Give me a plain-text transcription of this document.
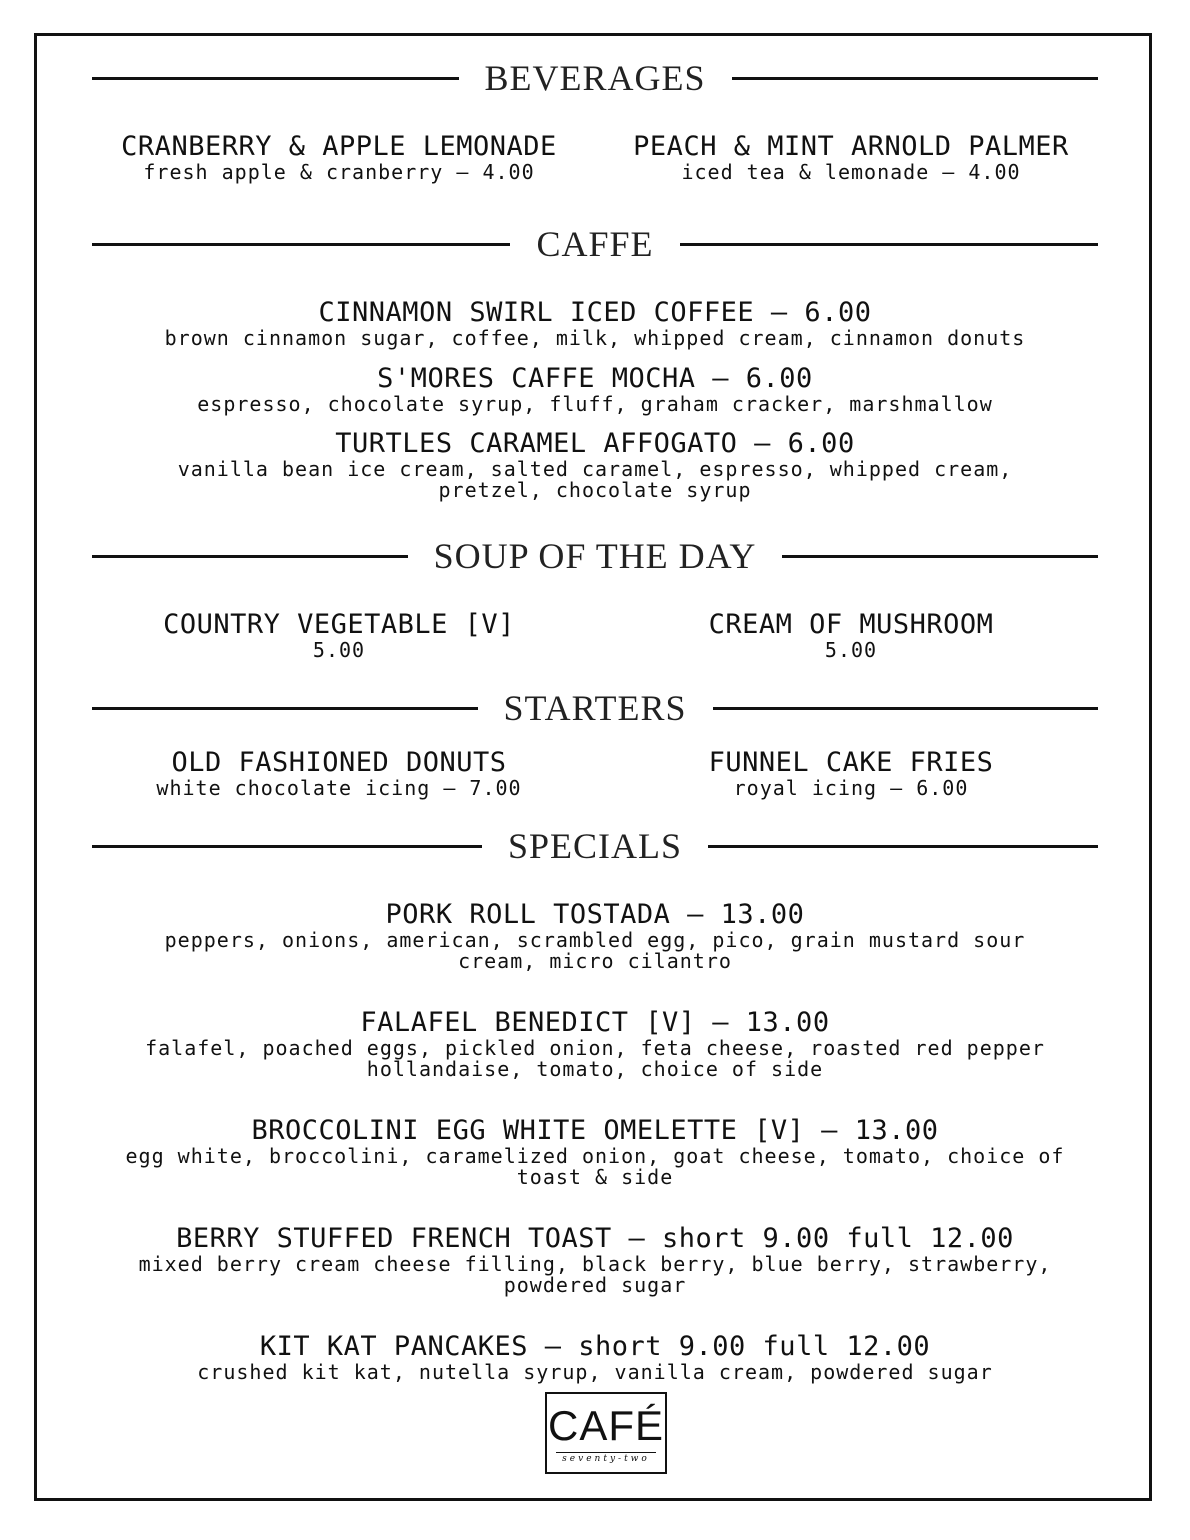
BEVERAGES
CRANBERRY & APPLE LEMONADE
fresh apple & cranberry – 4.00
PEACH & MINT ARNOLD PALMER
iced tea & lemonade – 4.00
CAFFE
CINNAMON SWIRL ICED COFFEE – 6.00
brown cinnamon sugar, coffee, milk, whipped cream, cinnamon donuts
S'MORES CAFFE MOCHA – 6.00
espresso, chocolate syrup, fluff, graham cracker, marshmallow
TURTLES CARAMEL AFFOGATO – 6.00
vanilla bean ice cream, salted caramel, espresso, whipped cream, pretzel, chocolate syrup
SOUP OF THE DAY
COUNTRY VEGETABLE [V]
5.00
CREAM OF MUSHROOM
5.00
STARTERS
OLD FASHIONED DONUTS
white chocolate icing – 7.00
FUNNEL CAKE FRIES
royal icing – 6.00
SPECIALS
PORK ROLL TOSTADA – 13.00
peppers, onions, american, scrambled egg, pico, grain mustard sour cream, micro cilantro
FALAFEL BENEDICT [V] – 13.00
falafel, poached eggs, pickled onion, feta cheese, roasted red pepper hollandaise, tomato, choice of side
BROCCOLINI EGG WHITE OMELETTE [V] – 13.00
egg white, broccolini, caramelized onion, goat cheese, tomato, choice of toast & side
BERRY STUFFED FRENCH TOAST – short 9.00 full 12.00
mixed berry cream cheese filling, black berry, blue berry, strawberry, powdered sugar
KIT KAT PANCAKES – short 9.00 full 12.00
crushed kit kat, nutella syrup, vanilla cream, powdered sugar
CAFÉ
seventy-two
